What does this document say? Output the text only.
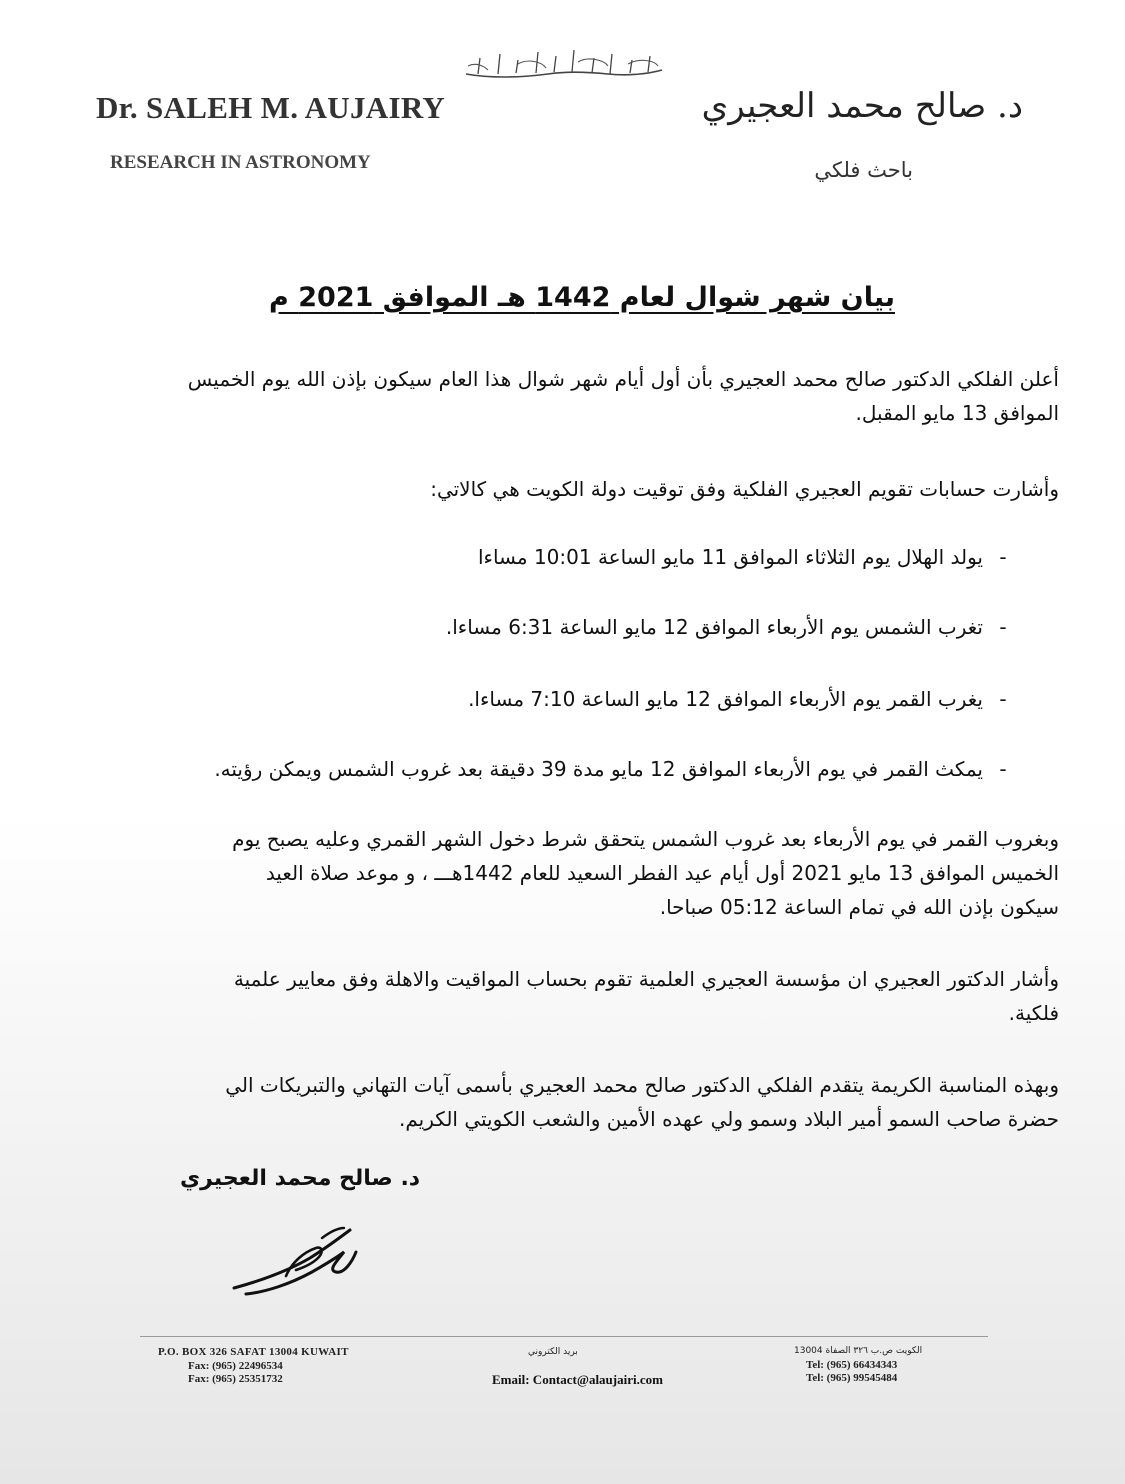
Dr. SALEH M. AUJAIRY
RESEARCH IN ASTRONOMY
د. صالح محمد العجيري
باحث فلكي
بيان شهر شوال لعام 1442 هـ الموافق 2021 م
أعلن الفلكي الدكتور صالح محمد العجيري بأن أول أيام شهر شوال هذا العام سيكون بإذن الله يوم الخميس
الموافق 13 مايو المقبل.
وأشارت حسابات تقويم العجيري الفلكية وفق توقيت دولة الكويت هي كالاتي:
-يولد الهلال يوم الثلاثاء الموافق 11 مايو الساعة 10:01 مساءا
-تغرب الشمس يوم الأربعاء الموافق 12 مايو الساعة 6:31 مساءا.
-يغرب القمر يوم الأربعاء الموافق 12 مايو الساعة 7:10 مساءا.
-يمكث القمر في يوم الأربعاء الموافق 12 مايو مدة 39 دقيقة بعد غروب الشمس ويمكن رؤيته.
وبغروب القمر في يوم الأربعاء بعد غروب الشمس يتحقق شرط دخول الشهر القمري وعليه يصبح يوم
الخميس الموافق 13 مايو 2021 أول أيام عيد الفطر السعيد للعام 1442هـــ ، و موعد صلاة العيد
سيكون بإذن الله في تمام الساعة 05:12 صباحا.
وأشار الدكتور العجيري ان مؤسسة العجيري العلمية تقوم بحساب المواقيت والاهلة وفق معايير علمية
فلكية.
وبهذه المناسبة الكريمة يتقدم الفلكي الدكتور صالح محمد العجيري بأسمى آيات التهاني والتبريكات الي
حضرة صاحب السمو أمير البلاد وسمو ولي عهده الأمين والشعب الكويتي الكريم.
د. صالح محمد العجيري
P.O. BOX 326 SAFAT 13004 KUWAIT
Fax: (965) 22496534
Fax: (965) 25351732
بريد الكتروني
Email: Contact@alaujairi.com
الكويت ص.ب ٣٢٦ الصفاة 13004
Tel: (965) 66434343
Tel: (965) 99545484
